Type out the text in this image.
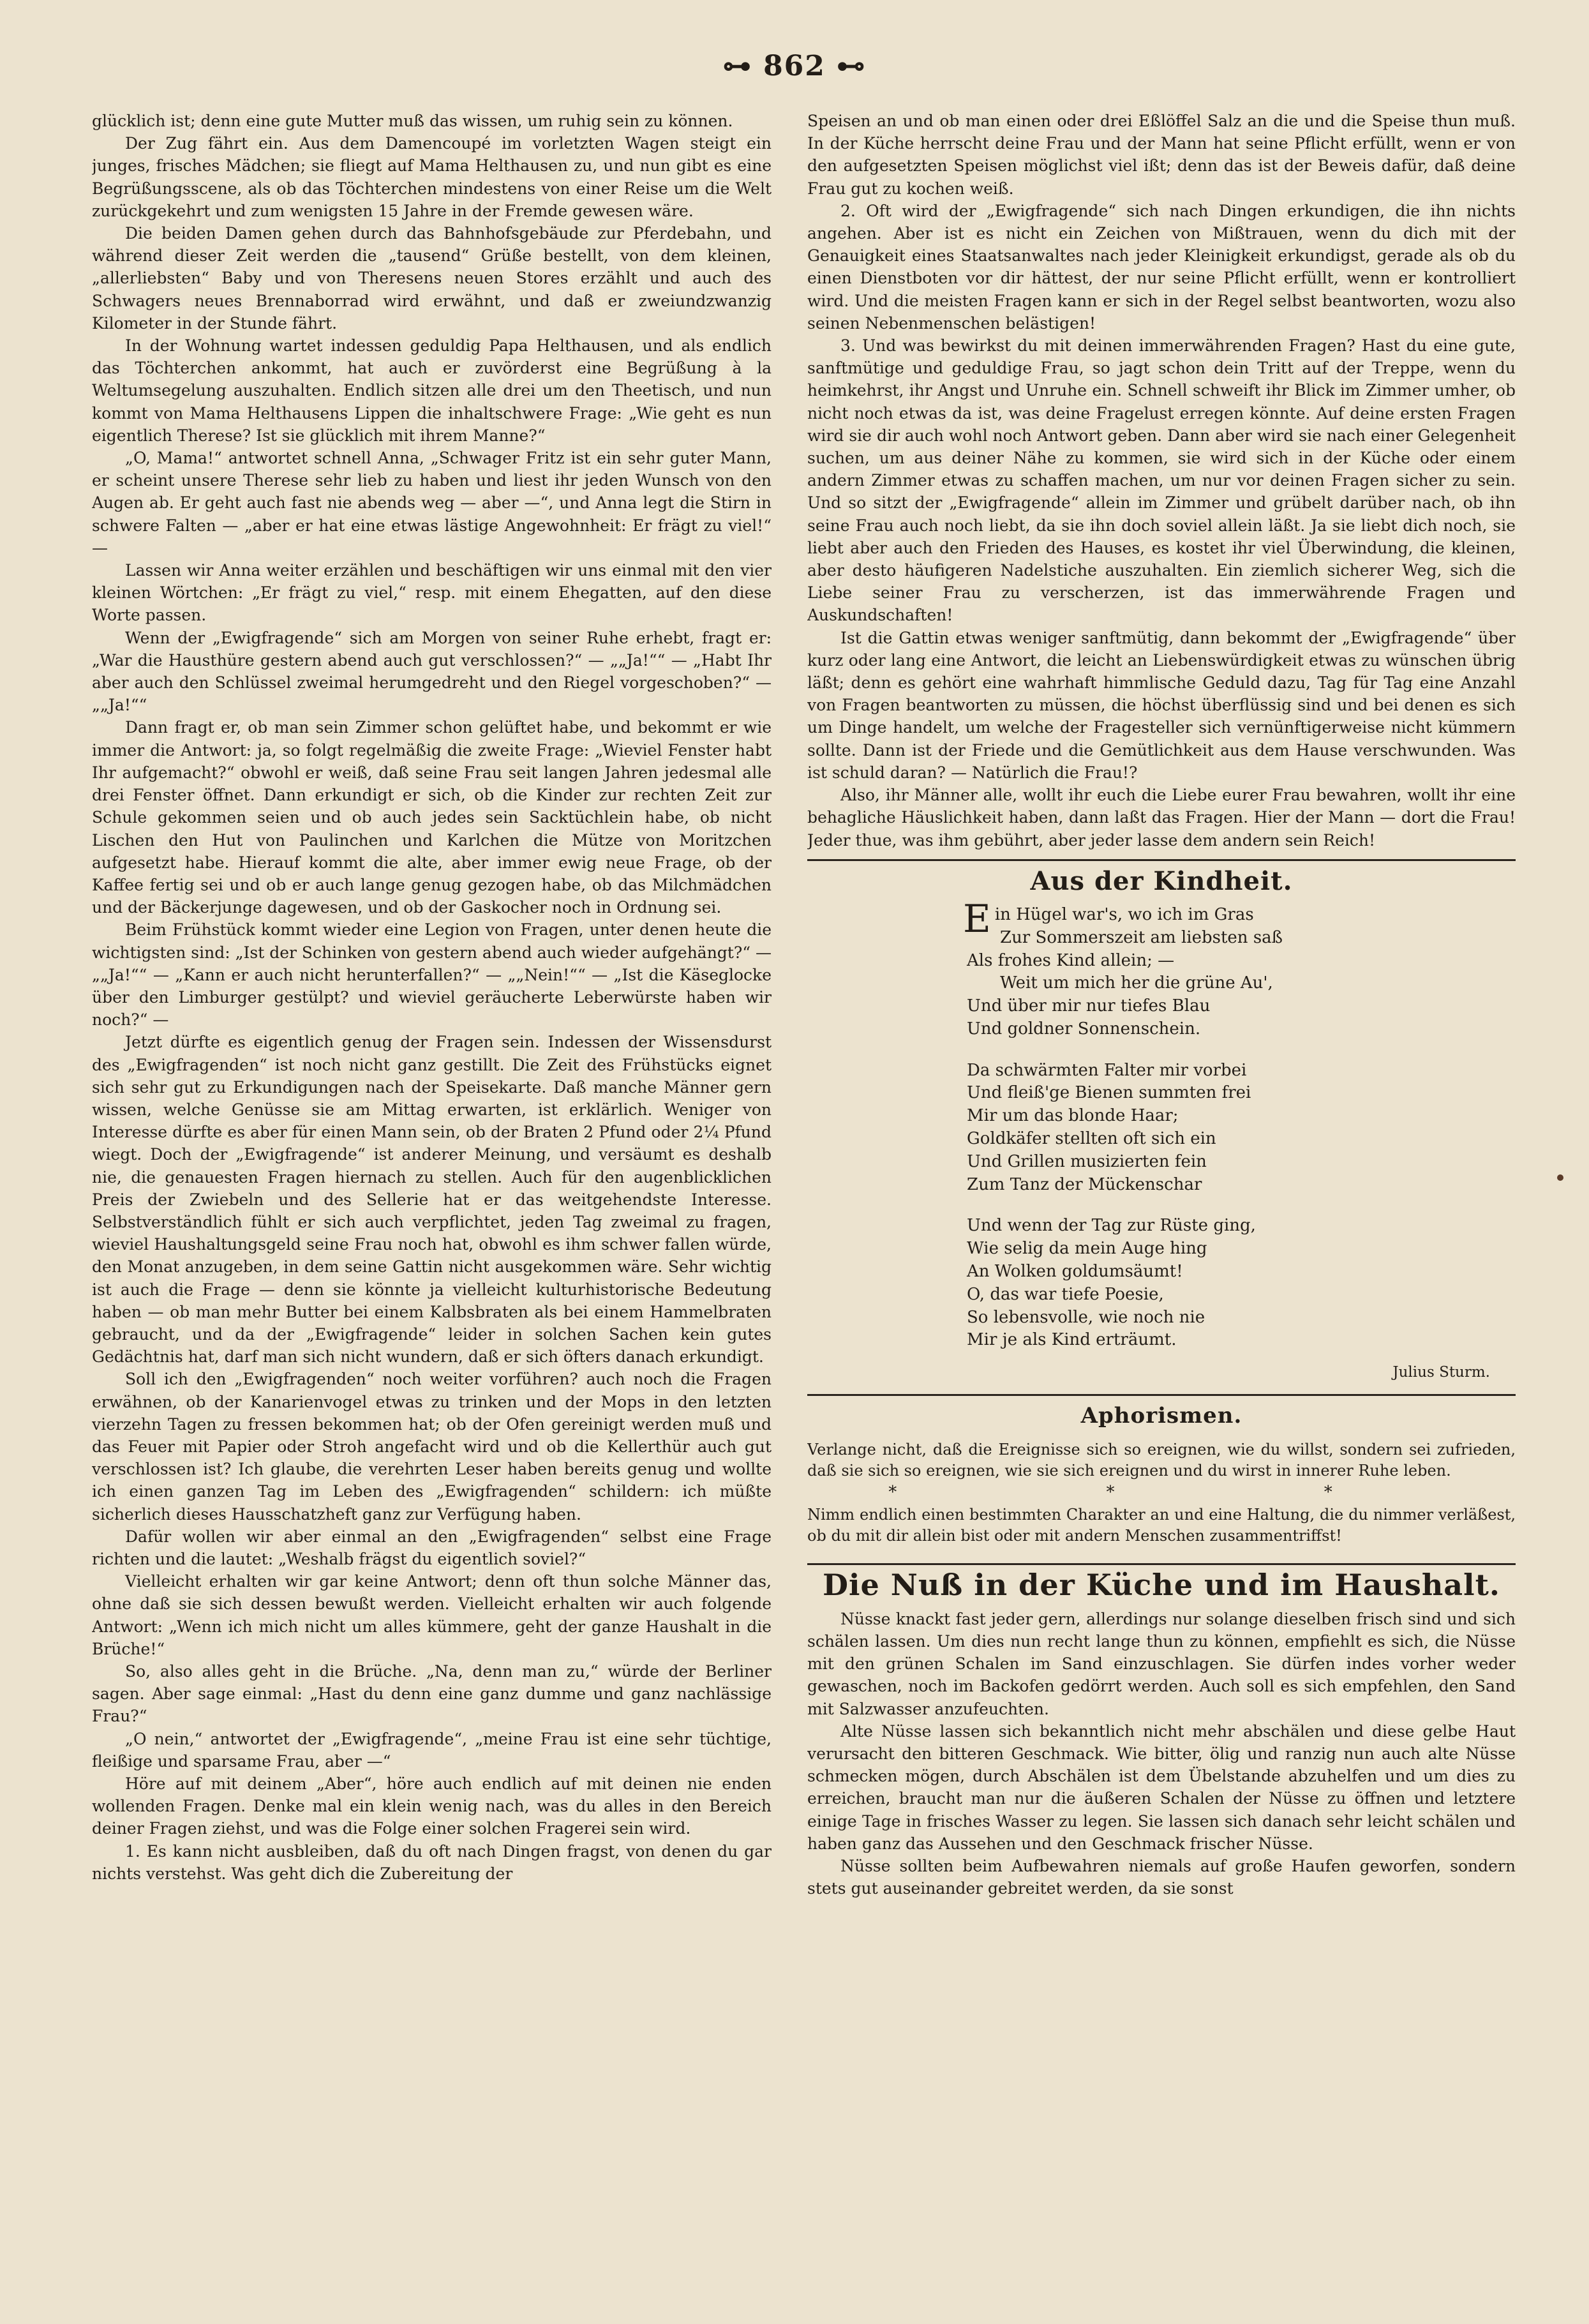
⊶ 862 ⊷

glücklich ist; denn eine gute Mutter muß das wissen, um ruhig sein zu können.

Der Zug fährt ein. Aus dem Damencoupé im vorletzten Wagen steigt ein junges, frisches Mädchen; sie fliegt auf Mama Helthausen zu, und nun gibt es eine Begrüßungsscene, als ob das Töchterchen mindestens von einer Reise um die Welt zurückgekehrt und zum wenigsten 15 Jahre in der Fremde gewesen wäre.

Die beiden Damen gehen durch das Bahnhofsgebäude zur Pferdebahn, und während dieser Zeit werden die „tausend“ Grüße bestellt, von dem kleinen, „allerliebsten“ Baby und von Theresens neuen Stores erzählt und auch des Schwagers neues Brennaborrad wird erwähnt, und daß er zweiundzwanzig Kilometer in der Stunde fährt.

In der Wohnung wartet indessen geduldig Papa Helthausen, und als endlich das Töchterchen ankommt, hat auch er zuvörderst eine Begrüßung à la Weltumsegelung auszuhalten. Endlich sitzen alle drei um den Theetisch, und nun kommt von Mama Helthausens Lippen die inhaltschwere Frage: „Wie geht es nun eigentlich Therese? Ist sie glücklich mit ihrem Manne?“

„O, Mama!“ antwortet schnell Anna, „Schwager Fritz ist ein sehr guter Mann, er scheint unsere Therese sehr lieb zu haben und liest ihr jeden Wunsch von den Augen ab. Er geht auch fast nie abends weg — aber —“, und Anna legt die Stirn in schwere Falten — „aber er hat eine etwas lästige Angewohnheit: Er frägt zu viel!“ —

Lassen wir Anna weiter erzählen und beschäftigen wir uns einmal mit den vier kleinen Wörtchen: „Er frägt zu viel,“ resp. mit einem Ehegatten, auf den diese Worte passen.

Wenn der „Ewigfragende“ sich am Morgen von seiner Ruhe erhebt, fragt er: „War die Hausthüre gestern abend auch gut verschlossen?“ — „„Ja!““ — „Habt Ihr aber auch den Schlüssel zweimal herumgedreht und den Riegel vorgeschoben?“ — „„Ja!““

Dann fragt er, ob man sein Zimmer schon gelüftet habe, und bekommt er wie immer die Antwort: ja, so folgt regelmäßig die zweite Frage: „Wieviel Fenster habt Ihr aufgemacht?“ obwohl er weiß, daß seine Frau seit langen Jahren jedesmal alle drei Fenster öffnet. Dann erkundigt er sich, ob die Kinder zur rechten Zeit zur Schule gekommen seien und ob auch jedes sein Sacktüchlein habe, ob nicht Lischen den Hut von Paulinchen und Karlchen die Mütze von Moritzchen aufgesetzt habe. Hierauf kommt die alte, aber immer ewig neue Frage, ob der Kaffee fertig sei und ob er auch lange genug gezogen habe, ob das Milchmädchen und der Bäckerjunge dagewesen, und ob der Gaskocher noch in Ordnung sei.

Beim Frühstück kommt wieder eine Legion von Fragen, unter denen heute die wichtigsten sind: „Ist der Schinken von gestern abend auch wieder aufgehängt?“ — „„Ja!““ — „Kann er auch nicht herunterfallen?“ — „„Nein!““ — „Ist die Käseglocke über den Limburger gestülpt? und wieviel geräucherte Leberwürste haben wir noch?“ —

Jetzt dürfte es eigentlich genug der Fragen sein. Indessen der Wissensdurst des „Ewigfragenden“ ist noch nicht ganz gestillt. Die Zeit des Frühstücks eignet sich sehr gut zu Erkundigungen nach der Speisekarte. Daß manche Männer gern wissen, welche Genüsse sie am Mittag erwarten, ist erklärlich. Weniger von Interesse dürfte es aber für einen Mann sein, ob der Braten 2 Pfund oder 2¼ Pfund wiegt. Doch der „Ewigfragende“ ist anderer Meinung, und versäumt es deshalb nie, die genauesten Fragen hiernach zu stellen. Auch für den augenblicklichen Preis der Zwiebeln und des Sellerie hat er das weitgehendste Interesse. Selbstverständlich fühlt er sich auch verpflichtet, jeden Tag zweimal zu fragen, wieviel Haushaltungsgeld seine Frau noch hat, obwohl es ihm schwer fallen würde, den Monat anzugeben, in dem seine Gattin nicht ausgekommen wäre. Sehr wichtig ist auch die Frage — denn sie könnte ja vielleicht kulturhistorische Bedeutung haben — ob man mehr Butter bei einem Kalbsbraten als bei einem Hammelbraten gebraucht, und da der „Ewigfragende“ leider in solchen Sachen kein gutes Gedächtnis hat, darf man sich nicht wundern, daß er sich öfters danach erkundigt.

Soll ich den „Ewigfragenden“ noch weiter vorführen? auch noch die Fragen erwähnen, ob der Kanarienvogel etwas zu trinken und der Mops in den letzten vierzehn Tagen zu fressen bekommen hat; ob der Ofen gereinigt werden muß und das Feuer mit Papier oder Stroh angefacht wird und ob die Kellerthür auch gut verschlossen ist? Ich glaube, die verehrten Leser haben bereits genug und wollte ich einen ganzen Tag im Leben des „Ewigfragenden“ schildern: ich müßte sicherlich dieses Hausschatzheft ganz zur Verfügung haben.

Dafür wollen wir aber einmal an den „Ewigfragenden“ selbst eine Frage richten und die lautet: „Weshalb frägst du eigentlich soviel?“

Vielleicht erhalten wir gar keine Antwort; denn oft thun solche Männer das, ohne daß sie sich dessen bewußt werden. Vielleicht erhalten wir auch folgende Antwort: „Wenn ich mich nicht um alles kümmere, geht der ganze Haushalt in die Brüche!“

So, also alles geht in die Brüche. „Na, denn man zu,“ würde der Berliner sagen. Aber sage einmal: „Hast du denn eine ganz dumme und ganz nachlässige Frau?“

„O nein,“ antwortet der „Ewigfragende“, „meine Frau ist eine sehr tüchtige, fleißige und sparsame Frau, aber —“

Höre auf mit deinem „Aber“, höre auch endlich auf mit deinen nie enden wollenden Fragen. Denke mal ein klein wenig nach, was du alles in den Bereich deiner Fragen ziehst, und was die Folge einer solchen Fragerei sein wird.

1. Es kann nicht ausbleiben, daß du oft nach Dingen fragst, von denen du gar nichts verstehst. Was geht dich die Zubereitung der

Speisen an und ob man einen oder drei Eßlöffel Salz an die und die Speise thun muß. In der Küche herrscht deine Frau und der Mann hat seine Pflicht erfüllt, wenn er von den aufgesetzten Speisen möglichst viel ißt; denn das ist der Beweis dafür, daß deine Frau gut zu kochen weiß.

2. Oft wird der „Ewigfragende“ sich nach Dingen erkundigen, die ihn nichts angehen. Aber ist es nicht ein Zeichen von Mißtrauen, wenn du dich mit der Genauigkeit eines Staatsanwaltes nach jeder Kleinigkeit erkundigst, gerade als ob du einen Dienstboten vor dir hättest, der nur seine Pflicht erfüllt, wenn er kontrolliert wird. Und die meisten Fragen kann er sich in der Regel selbst beantworten, wozu also seinen Nebenmenschen belästigen!

3. Und was bewirkst du mit deinen immerwährenden Fragen? Hast du eine gute, sanftmütige und geduldige Frau, so jagt schon dein Tritt auf der Treppe, wenn du heimkehrst, ihr Angst und Unruhe ein. Schnell schweift ihr Blick im Zimmer umher, ob nicht noch etwas da ist, was deine Fragelust erregen könnte. Auf deine ersten Fragen wird sie dir auch wohl noch Antwort geben. Dann aber wird sie nach einer Gelegenheit suchen, um aus deiner Nähe zu kommen, sie wird sich in der Küche oder einem andern Zimmer etwas zu schaffen machen, um nur vor deinen Fragen sicher zu sein. Und so sitzt der „Ewigfragende“ allein im Zimmer und grübelt darüber nach, ob ihn seine Frau auch noch liebt, da sie ihn doch soviel allein läßt. Ja sie liebt dich noch, sie liebt aber auch den Frieden des Hauses, es kostet ihr viel Überwindung, die kleinen, aber desto häufigeren Nadelstiche auszuhalten. Ein ziemlich sicherer Weg, sich die Liebe seiner Frau zu verscherzen, ist das immerwährende Fragen und Auskundschaften!

Ist die Gattin etwas weniger sanftmütig, dann bekommt der „Ewigfragende“ über kurz oder lang eine Antwort, die leicht an Liebenswürdigkeit etwas zu wünschen übrig läßt; denn es gehört eine wahrhaft himmlische Geduld dazu, Tag für Tag eine Anzahl von Fragen beantworten zu müssen, die höchst überflüssig sind und bei denen es sich um Dinge handelt, um welche der Fragesteller sich vernünftigerweise nicht kümmern sollte. Dann ist der Friede und die Gemütlichkeit aus dem Hause verschwunden. Was ist schuld daran? — Natürlich die Frau!?

Also, ihr Männer alle, wollt ihr euch die Liebe eurer Frau bewahren, wollt ihr eine behagliche Häuslichkeit haben, dann laßt das Fragen. Hier der Mann — dort die Frau! Jeder thue, was ihm gebührt, aber jeder lasse dem andern sein Reich!

Aus der Kindheit.
Ein Hügel war's, wo ich im Gras
Zur Sommerszeit am liebsten saß
Als frohes Kind allein; —
Weit um mich her die grüne Au',
Und über mir nur tiefes Blau
Und goldner Sonnenschein.
Da schwärmten Falter mir vorbei
Und fleiß'ge Bienen summten frei
Mir um das blonde Haar;
Goldkäfer stellten oft sich ein
Und Grillen musizierten fein
Zum Tanz der Mückenschar
Und wenn der Tag zur Rüste ging,
Wie selig da mein Auge hing
An Wolken goldumsäumt!
O, das war tiefe Poesie,
So lebensvolle, wie noch nie
Mir je als Kind erträumt.
Julius Sturm.
Aphorismen.

Verlange nicht, daß die Ereignisse sich so ereignen, wie du willst, sondern sei zufrieden, daß sie sich so ereignen, wie sie sich ereignen und du wirst in innerer Ruhe leben.

* * *

Nimm endlich einen bestimmten Charakter an und eine Haltung, die du nimmer verläßest, ob du mit dir allein bist oder mit andern Menschen zusammentriffst!

Die Nuß in der Küche und im Haushalt.

Nüsse knackt fast jeder gern, allerdings nur solange dieselben frisch sind und sich schälen lassen. Um dies nun recht lange thun zu können, empfiehlt es sich, die Nüsse mit den grünen Schalen im Sand einzuschlagen. Sie dürfen indes vorher weder gewaschen, noch im Backofen gedörrt werden. Auch soll es sich empfehlen, den Sand mit Salzwasser anzufeuchten.

Alte Nüsse lassen sich bekanntlich nicht mehr abschälen und diese gelbe Haut verursacht den bitteren Geschmack. Wie bitter, ölig und ranzig nun auch alte Nüsse schmecken mögen, durch Abschälen ist dem Übelstande abzuhelfen und um dies zu erreichen, braucht man nur die äußeren Schalen der Nüsse zu öffnen und letztere einige Tage in frisches Wasser zu legen. Sie lassen sich danach sehr leicht schälen und haben ganz das Aussehen und den Geschmack frischer Nüsse.

Nüsse sollten beim Aufbewahren niemals auf große Haufen geworfen, sondern stets gut auseinander gebreitet werden, da sie sonst
